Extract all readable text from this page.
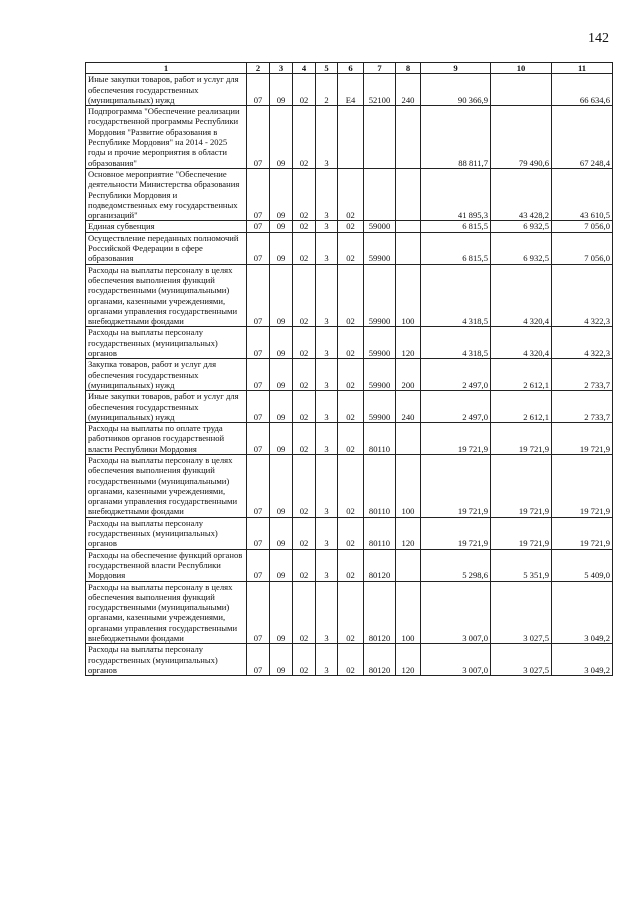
142
1	2	3	4	5	6	7	8	9	10	11
Иные закупки товаров, работ и услуг для обеспечения государственных (муниципальных) нужд	07	09	02	2	E4	52100	240	90 366,9		66 634,6
Подпрограмма "Обеспечение реализации государственной программы Республики Мордовия "Развитие образования в Республике Мордовия" на 2014 - 2025 годы и прочие мероприятия в области образования"	07	09	02	3				88 811,7	79 490,6	67 248,4
Основное мероприятие "Обеспечение деятельности Министерства образования Республики Мордовия и подведомственных ему государственных организаций"	07	09	02	3	02			41 895,3	43 428,2	43 610,5
Единая субвенция	07	09	02	3	02	59000		6 815,5	6 932,5	7 056,0
Осуществление переданных полномочий Российской Федерации в сфере образования	07	09	02	3	02	59900		6 815,5	6 932,5	7 056,0
Расходы на выплаты персоналу в целях обеспечения выполнения функций государственными (муниципальными) органами, казенными учреждениями, органами управления государственными внебюджетными фондами	07	09	02	3	02	59900	100	4 318,5	4 320,4	4 322,3
Расходы на выплаты персоналу государственных (муниципальных) органов	07	09	02	3	02	59900	120	4 318,5	4 320,4	4 322,3
Закупка товаров, работ и услуг для обеспечения государственных (муниципальных) нужд	07	09	02	3	02	59900	200	2 497,0	2 612,1	2 733,7
Иные закупки товаров, работ и услуг для обеспечения государственных (муниципальных) нужд	07	09	02	3	02	59900	240	2 497,0	2 612,1	2 733,7
Расходы на выплаты по оплате труда работников органов государственной власти Республики Мордовия	07	09	02	3	02	80110		19 721,9	19 721,9	19 721,9
Расходы на выплаты персоналу в целях обеспечения выполнения функций государственными (муниципальными) органами, казенными учреждениями, органами управления государственными внебюджетными фондами	07	09	02	3	02	80110	100	19 721,9	19 721,9	19 721,9
Расходы на выплаты персоналу государственных (муниципальных) органов	07	09	02	3	02	80110	120	19 721,9	19 721,9	19 721,9
Расходы на обеспечение функций органов государственной власти Республики Мордовия	07	09	02	3	02	80120		5 298,6	5 351,9	5 409,0
Расходы на выплаты персоналу в целях обеспечения выполнения функций государственными (муниципальными) органами, казенными учреждениями, органами управления государственными внебюджетными фондами	07	09	02	3	02	80120	100	3 007,0	3 027,5	3 049,2
Расходы на выплаты персоналу государственных (муниципальных) органов	07	09	02	3	02	80120	120	3 007,0	3 027,5	3 049,2
